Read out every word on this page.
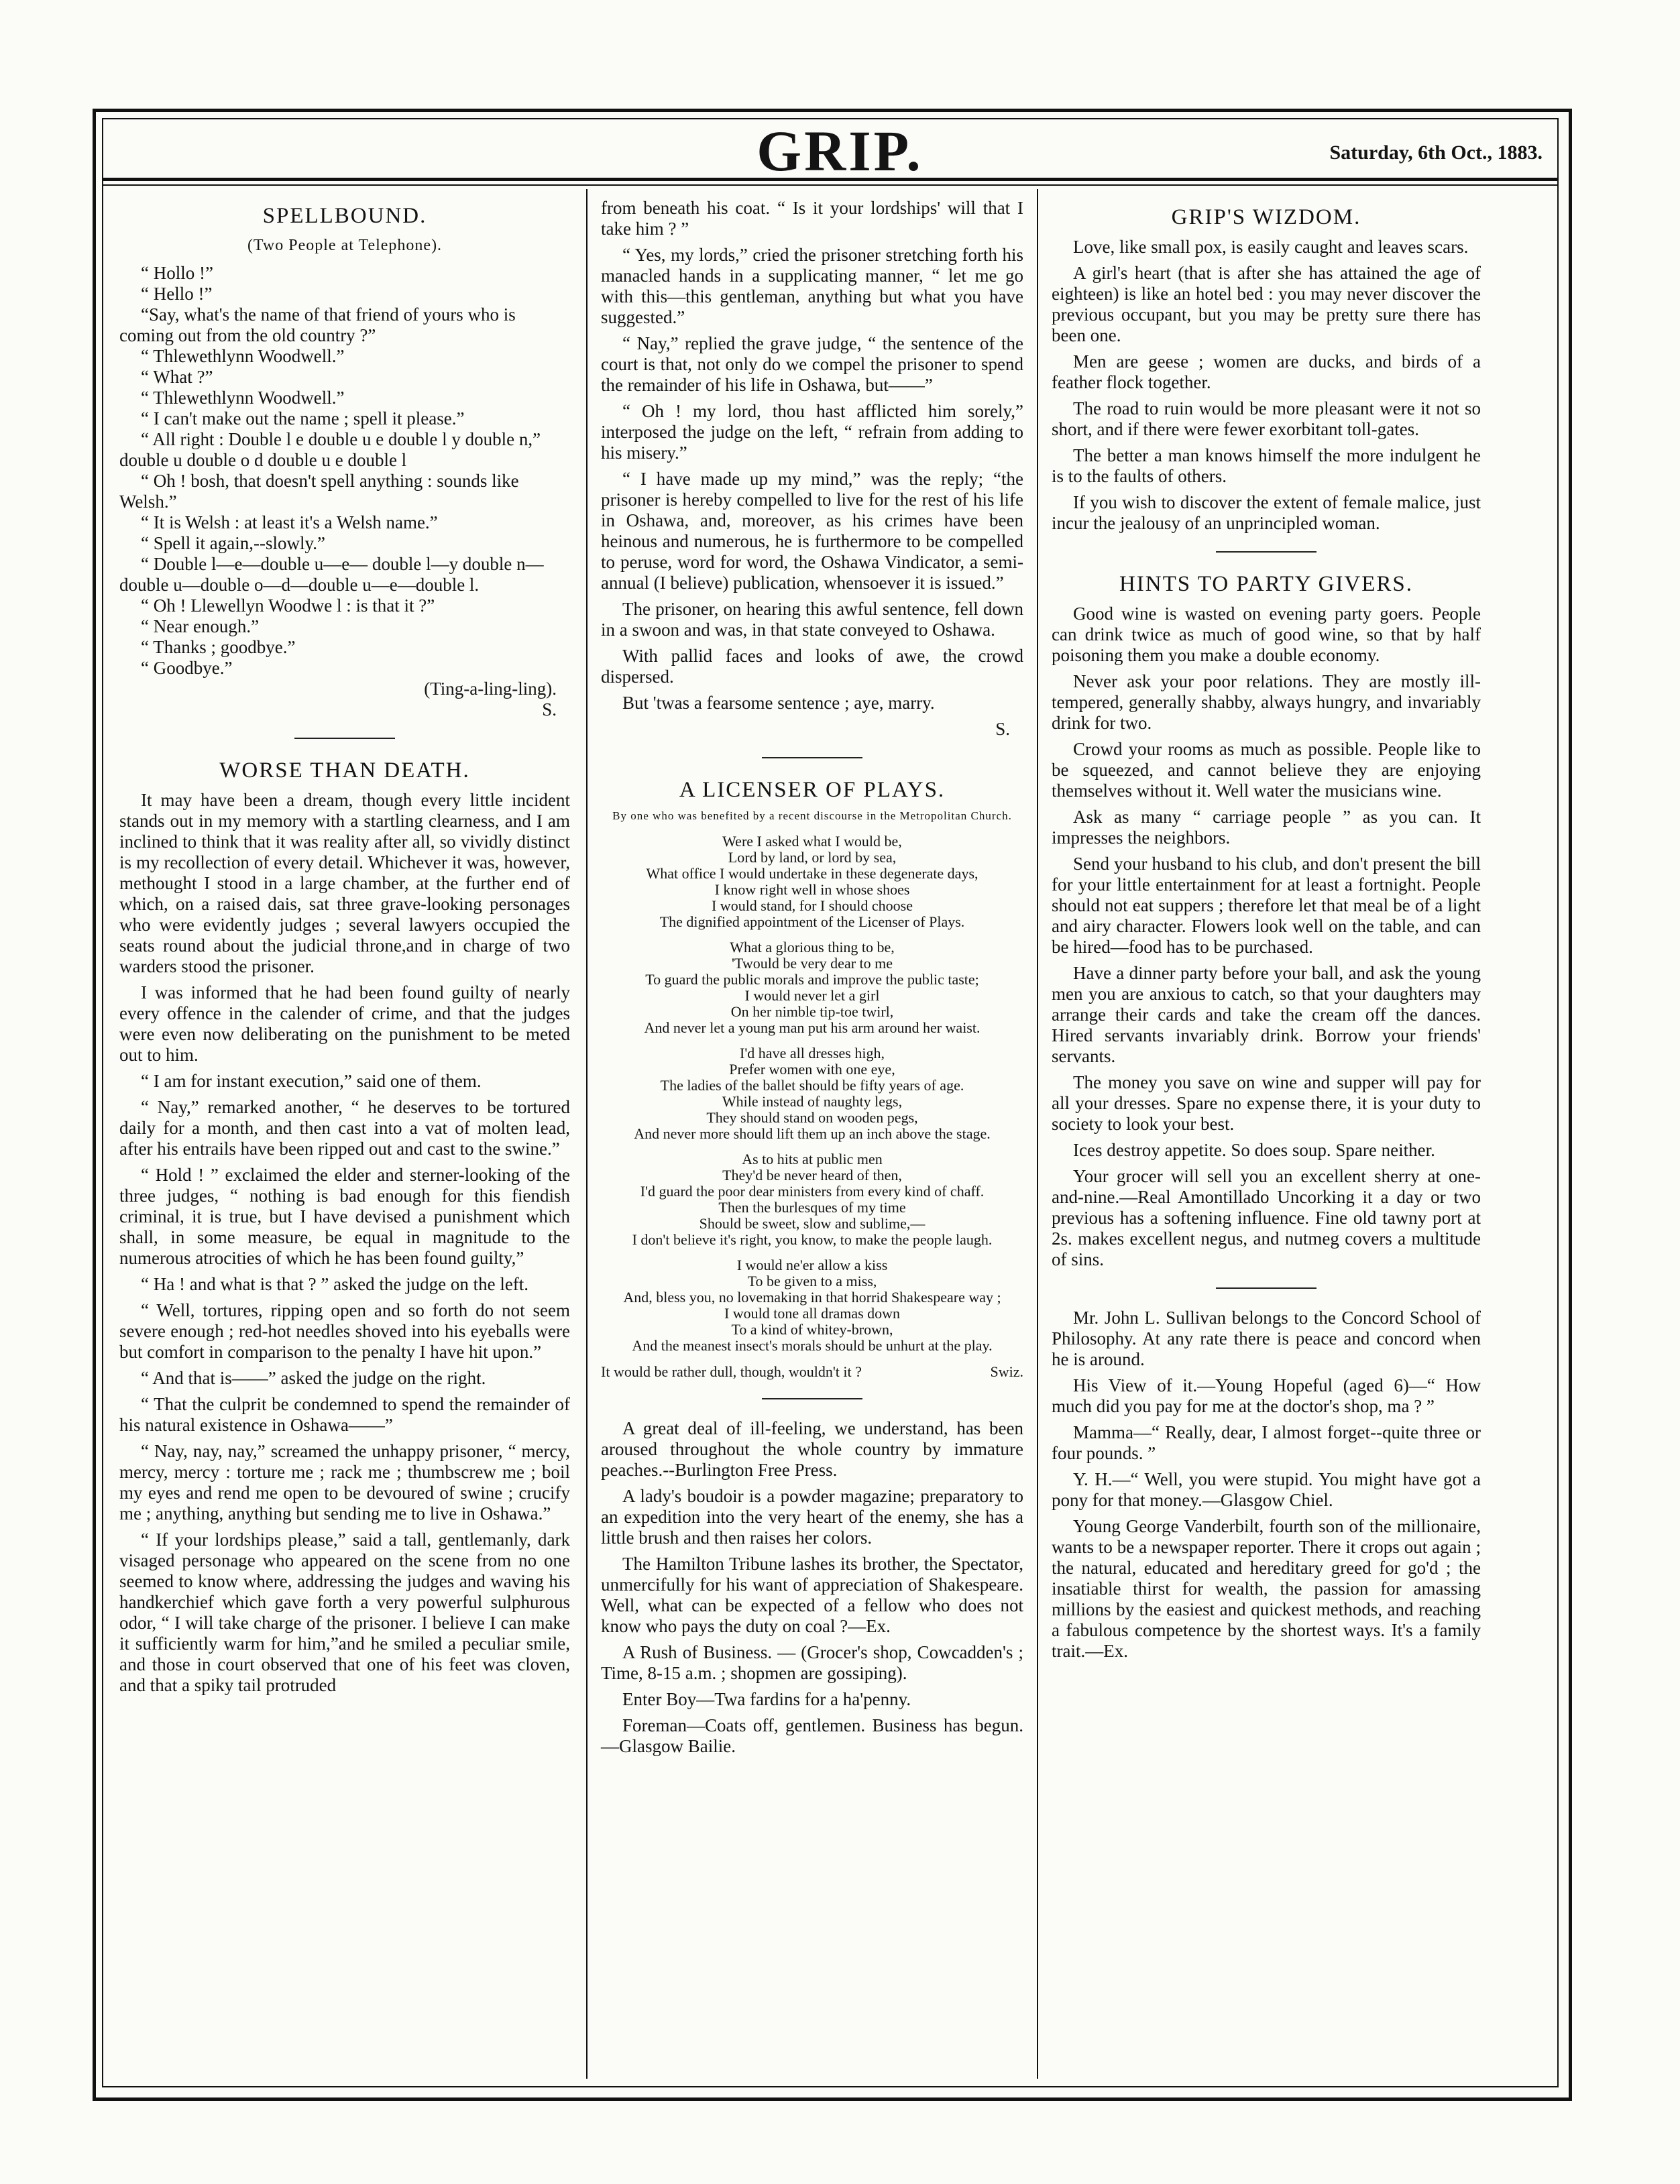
GRIP.	Saturday, 6th Oct., 1883.
SPELLBOUND.

(Two People at Telephone).

“ Hollo !”

“ Hello !”

“Say, what's the name of that friend of yours who is coming out from the old country ?”

“ Thlewethlynn Woodwell.”

“ What ?”

“ Thlewethlynn Woodwell.”

“ I can't make out the name ; spell it please.”

“ All right : Double l e double u e double l y double n,” double u double o d double u e double l

“ Oh ! bosh, that doesn't spell anything : sounds like Welsh.”

“ It is Welsh : at least it's a Welsh name.”

“ Spell it again,--slowly.”

“ Double l—e—double u—e— double l—y double n—double u—double o—d—double u—e—double l.

“ Oh ! Llewellyn Woodwe l : is that it ?”

“ Near enough.”

“ Thanks ; goodbye.”

“ Goodbye.”

(Ting-a-ling-ling).

S.

WORSE THAN DEATH.

It may have been a dream, though every little incident stands out in my memory with a startling clearness, and I am inclined to think that it was reality after all, so vividly distinct is my recollection of every detail. Whichever it was, however, methought I stood in a large chamber, at the further end of which, on a raised dais, sat three grave-looking personages who were evidently judges ; several lawyers occupied the seats round about the judicial throne,and in charge of two warders stood the prisoner.

I was informed that he had been found guilty of nearly every offence in the calender of crime, and that the judges were even now deliberating on the punishment to be meted out to him.

“ I am for instant execution,” said one of them.

“ Nay,” remarked another, “ he deserves to be tortured daily for a month, and then cast into a vat of molten lead, after his entrails have been ripped out and cast to the swine.”

“ Hold ! ” exclaimed the elder and sterner-looking of the three judges, “ nothing is bad enough for this fiendish criminal, it is true, but I have devised a punishment which shall, in some measure, be equal in magnitude to the numerous atrocities of which he has been found guilty,”

“ Ha ! and what is that ? ” asked the judge on the left.

“ Well, tortures, ripping open and so forth do not seem severe enough ; red-hot needles shoved into his eyeballs were but comfort in comparison to the penalty I have hit upon.”

“ And that is——” asked the judge on the right.

“ That the culprit be condemned to spend the remainder of his natural existence in Oshawa——”

“ Nay, nay, nay,” screamed the unhappy prisoner, “ mercy, mercy, mercy : torture me ; rack me ; thumbscrew me ; boil my eyes and rend me open to be devoured of swine ; crucify me ; anything, anything but sending me to live in Oshawa.”

“ If your lordships please,” said a tall, gentlemanly, dark visaged personage who appeared on the scene from no one seemed to know where, addressing the judges and waving his handkerchief which gave forth a very powerful sulphurous odor, “ I will take charge of the prisoner. I believe I can make it sufficiently warm for him,”and he smiled a peculiar smile, and those in court observed that one of his feet was cloven, and that a spiky tail protruded

from beneath his coat. “ Is it your lordships' will that I take him ? ”

“ Yes, my lords,” cried the prisoner stretching forth his manacled hands in a supplicating manner, “ let me go with this—this gentleman, anything but what you have suggested.”

“ Nay,” replied the grave judge, “ the sentence of the court is that, not only do we compel the prisoner to spend the remainder of his life in Oshawa, but——”

“ Oh ! my lord, thou hast afflicted him sorely,” interposed the judge on the left, “ refrain from adding to his misery.”

“ I have made up my mind,” was the reply; “the prisoner is hereby compelled to live for the rest of his life in Oshawa, and, moreover, as his crimes have been heinous and numerous, he is furthermore to be compelled to peruse, word for word, the Oshawa Vindicator, a semi-annual (I believe) publication, whensoever it is issued.”

The prisoner, on hearing this awful sentence, fell down in a swoon and was, in that state conveyed to Oshawa.

With pallid faces and looks of awe, the crowd dispersed.

But 'twas a fearsome sentence ; aye, marry.

S.

A LICENSER OF PLAYS.
By one who was benefited by a recent discourse in the Metropolitan Church.

Were I asked what I would be,

Lord by land, or lord by sea,

What office I would undertake in these degenerate days,

I know right well in whose shoes

I would stand, for I should choose

The dignified appointment of the Licenser of Plays.

What a glorious thing to be,

'Twould be very dear to me

To guard the public morals and improve the public taste;

I would never let a girl

On her nimble tip-toe twirl,

And never let a young man put his arm around her waist.

I'd have all dresses high,

Prefer women with one eye,

The ladies of the ballet should be fifty years of age.

While instead of naughty legs,

They should stand on wooden pegs,

And never more should lift them up an inch above the stage.

As to hits at public men

They'd be never heard of then,

I'd guard the poor dear ministers from every kind of chaff.

Then the burlesques of my time

Should be sweet, slow and sublime,—

I don't believe it's right, you know, to make the people laugh.

I would ne'er allow a kiss

To be given to a miss,

And, bless you, no lovemaking in that horrid Shakespeare way ;

I would tone all dramas down

To a kind of whitey-brown,

And the meanest insect's morals should be unhurt at the play.

It would be rather dull, though, wouldn't it ?	Swiz.

A great deal of ill-feeling, we understand, has been aroused throughout the whole country by immature peaches.--Burlington Free Press.

A lady's boudoir is a powder magazine; preparatory to an expedition into the very heart of the enemy, she has a little brush and then raises her colors.

The Hamilton Tribune lashes its brother, the Spectator, unmercifully for his want of appreciation of Shakespeare. Well, what can be expected of a fellow who does not know who pays the duty on coal ?—Ex.

A Rush of Business. — (Grocer's shop, Cowcadden's ; Time, 8-15 a.m. ; shopmen are gossiping).

Enter Boy—Twa fardins for a ha'penny.

Foreman—Coats off, gentlemen. Business has begun.—Glasgow Bailie.

GRIP'S WIZDOM.

Love, like small pox, is easily caught and leaves scars.

A girl's heart (that is after she has attained the age of eighteen) is like an hotel bed : you may never discover the previous occupant, but you may be pretty sure there has been one.

Men are geese ; women are ducks, and birds of a feather flock together.

The road to ruin would be more pleasant were it not so short, and if there were fewer exorbitant toll-gates.

The better a man knows himself the more indulgent he is to the faults of others.

If you wish to discover the extent of female malice, just incur the jealousy of an unprincipled woman.

HINTS TO PARTY GIVERS.

Good wine is wasted on evening party goers. People can drink twice as much of good wine, so that by half poisoning them you make a double economy.

Never ask your poor relations. They are mostly ill-tempered, generally shabby, always hungry, and invariably drink for two.

Crowd your rooms as much as possible. People like to be squeezed, and cannot believe they are enjoying themselves without it. Well water the musicians wine.

Ask as many “ carriage people ” as you can. It impresses the neighbors.

Send your husband to his club, and don't present the bill for your little entertainment for at least a fortnight. People should not eat suppers ; therefore let that meal be of a light and airy character. Flowers look well on the table, and can be hired—food has to be purchased.

Have a dinner party before your ball, and ask the young men you are anxious to catch, so that your daughters may arrange their cards and take the cream off the dances. Hired servants invariably drink. Borrow your friends' servants.

The money you save on wine and supper will pay for all your dresses. Spare no expense there, it is your duty to society to look your best.

Ices destroy appetite. So does soup. Spare neither.

Your grocer will sell you an excellent sherry at one-and-nine.—Real Amontillado Uncorking it a day or two previous has a softening influence. Fine old tawny port at 2s. makes excellent negus, and nutmeg covers a multitude of sins.

Mr. John L. Sullivan belongs to the Concord School of Philosophy. At any rate there is peace and concord when he is around.

His View of it.—Young Hopeful (aged 6)—“ How much did you pay for me at the doctor's shop, ma ? ”

Mamma—“ Really, dear, I almost forget--quite three or four pounds. ”

Y. H.—“ Well, you were stupid. You might have got a pony for that money.—Glasgow Chiel.

Young George Vanderbilt, fourth son of the millionaire, wants to be a newspaper reporter. There it crops out again ; the natural, educated and hereditary greed for go'd ; the insatiable thirst for wealth, the passion for amassing millions by the easiest and quickest methods, and reaching a fabulous competence by the shortest ways. It's a family trait.—Ex.
